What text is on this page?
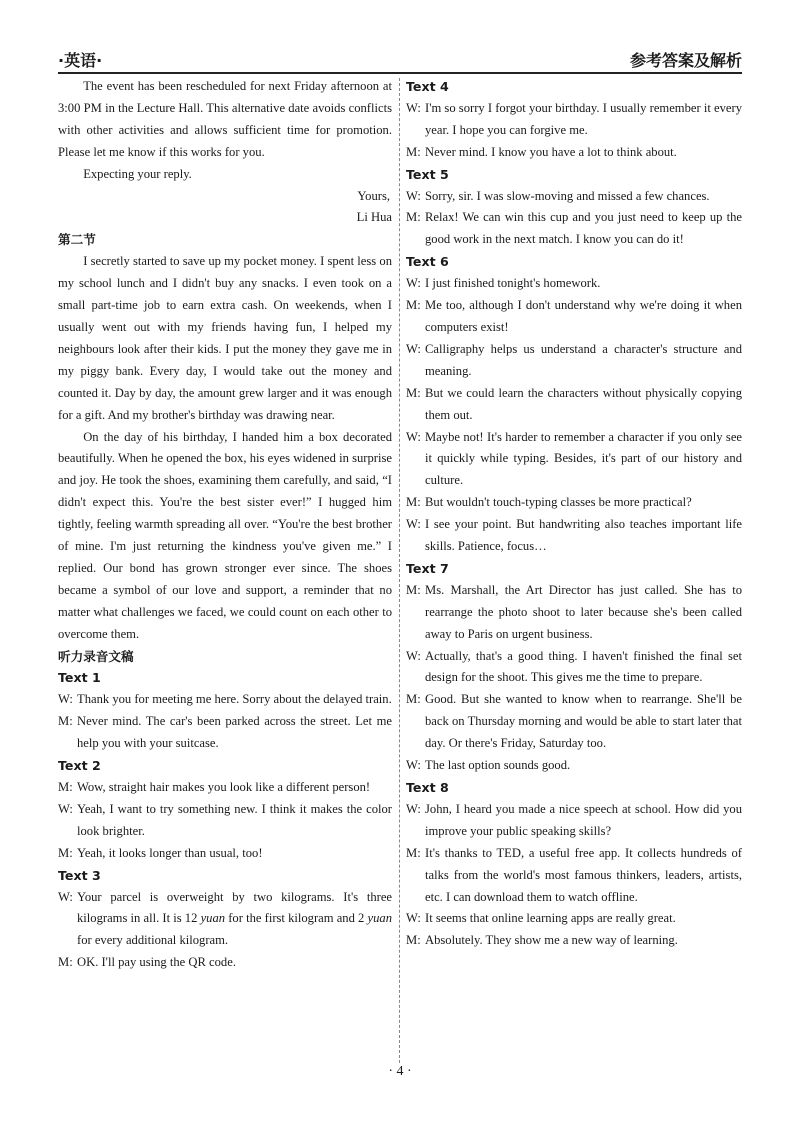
·英语·	参考答案及解析

The event has been rescheduled for next Friday afternoon at 3:00 PM in the Lecture Hall. This alternative date avoids conflicts with other activities and allows sufficient time for promotion. Please let me know if this works for you.

Expecting your reply.

Yours,

Li Hua

第二节

I secretly started to save up my pocket money. I spent less on my school lunch and I didn't buy any snacks. I even took on a small part-time job to earn extra cash. On weekends, when I usually went out with my friends having fun, I helped my neighbours look after their kids. I put the money they gave me in my piggy bank. Every day, I would take out the money and counted it. Day by day, the amount grew larger and it was enough for a gift. And my brother's birthday was drawing near.

On the day of his birthday, I handed him a box decorated beautifully. When he opened the box, his eyes widened in surprise and joy. He took the shoes, examining them carefully, and said, “I didn't expect this. You're the best sister ever!” I hugged him tightly, feeling warmth spreading all over. “You're the best brother of mine. I'm just returning the kindness you've given me.” I replied. Our bond has grown stronger ever since. The shoes became a symbol of our love and support, a reminder that no matter what challenges we faced, we could count on each other to overcome them.

听力录音文稿

Text 1

W: Thank you for meeting me here. Sorry about the delayed train.

M: Never mind. The car's been parked across the street. Let me help you with your suitcase.

Text 2

M: Wow, straight hair makes you look like a different person!

W: Yeah, I want to try something new. I think it makes the color look brighter.

M: Yeah, it looks longer than usual, too!

Text 3

W: Your parcel is overweight by two kilograms. It's three kilograms in all. It is 12 yuan for the first kilogram and 2 yuan for every additional kilogram.

M: OK. I'll pay using the QR code.

Text 4

W: I'm so sorry I forgot your birthday. I usually remember it every year. I hope you can forgive me.

M: Never mind. I know you have a lot to think about.

Text 5

W: Sorry, sir. I was slow-moving and missed a few chances.

M: Relax! We can win this cup and you just need to keep up the good work in the next match. I know you can do it!

Text 6

W: I just finished tonight's homework.

M: Me too, although I don't understand why we're doing it when computers exist!

W: Calligraphy helps us understand a character's structure and meaning.

M: But we could learn the characters without physically copying them out.

W: Maybe not! It's harder to remember a character if you only see it quickly while typing. Besides, it's part of our history and culture.

M: But wouldn't touch-typing classes be more practical?

W: I see your point. But handwriting also teaches important life skills. Patience, focus…

Text 7

M: Ms. Marshall, the Art Director has just called. She has to rearrange the photo shoot to later because she's been called away to Paris on urgent business.

W: Actually, that's a good thing. I haven't finished the final set design for the shoot. This gives me the time to prepare.

M: Good. But she wanted to know when to rearrange. She'll be back on Thursday morning and would be able to start later that day. Or there's Friday, Saturday too.

W: The last option sounds good.

Text 8

W: John, I heard you made a nice speech at school. How did you improve your public speaking skills?

M: It's thanks to TED, a useful free app. It collects hundreds of talks from the world's most famous thinkers, leaders, artists, etc. I can download them to watch offline.

W: It seems that online learning apps are really great.

M: Absolutely. They show me a new way of learning.

· 4 ·
